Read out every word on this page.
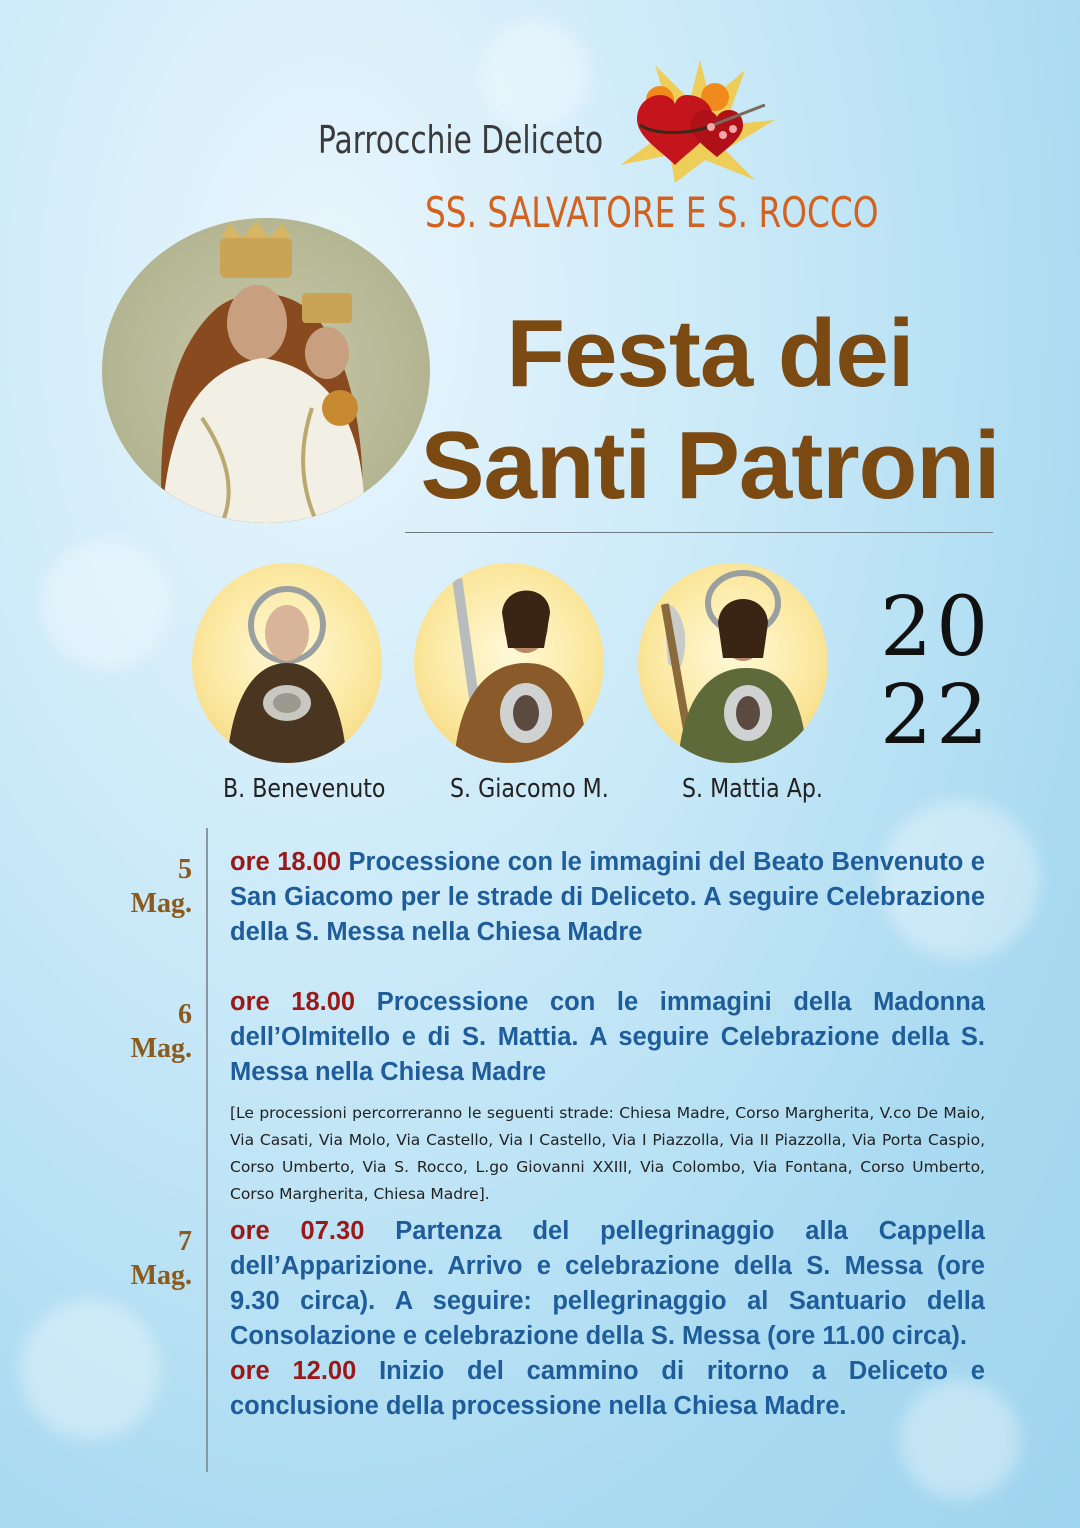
Parrocchie Deliceto
SS. SALVATORE E S. ROCCO
Festa dei
Santi Patroni
B. Benevenuto S. Giacomo M.	S. Mattia Ap.
20
22
5
Mag.
ore 18.00 Processione con le immagini del Beato Benvenuto e San Giacomo per le strade di Deliceto. A seguire Celebrazione della S. Messa nella Chiesa Madre
6
Mag.
ore 18.00 Processione con le immagini della Madonna dell’Olmitello e di S. Mattia. A seguire Celebrazione della S. Messa nella Chiesa Madre
[Le processioni percorreranno le seguenti strade: Chiesa Madre, Corso Margherita, V.co De Maio, Via Casati, Via Molo, Via Castello, Via I Castello, Via I Piazzolla, Via II Piazzolla, Via Porta Caspio, Corso Umberto, Via S. Rocco, L.go Giovanni XXIII, Via Colombo, Via Fontana, Corso Umberto, Corso Margherita, Chiesa Madre].
7
Mag.
ore 07.30 Partenza del pellegrinaggio alla Cappella dell’Apparizione. Arrivo e celebrazione della S. Messa (ore 9.30 circa). A seguire: pellegrinaggio al Santuario della Consolazione e celebrazione della S. Messa (ore 11.00 circa).
ore 12.00 Inizio del cammino di ritorno a Deliceto e conclusione della processione nella Chiesa Madre.
